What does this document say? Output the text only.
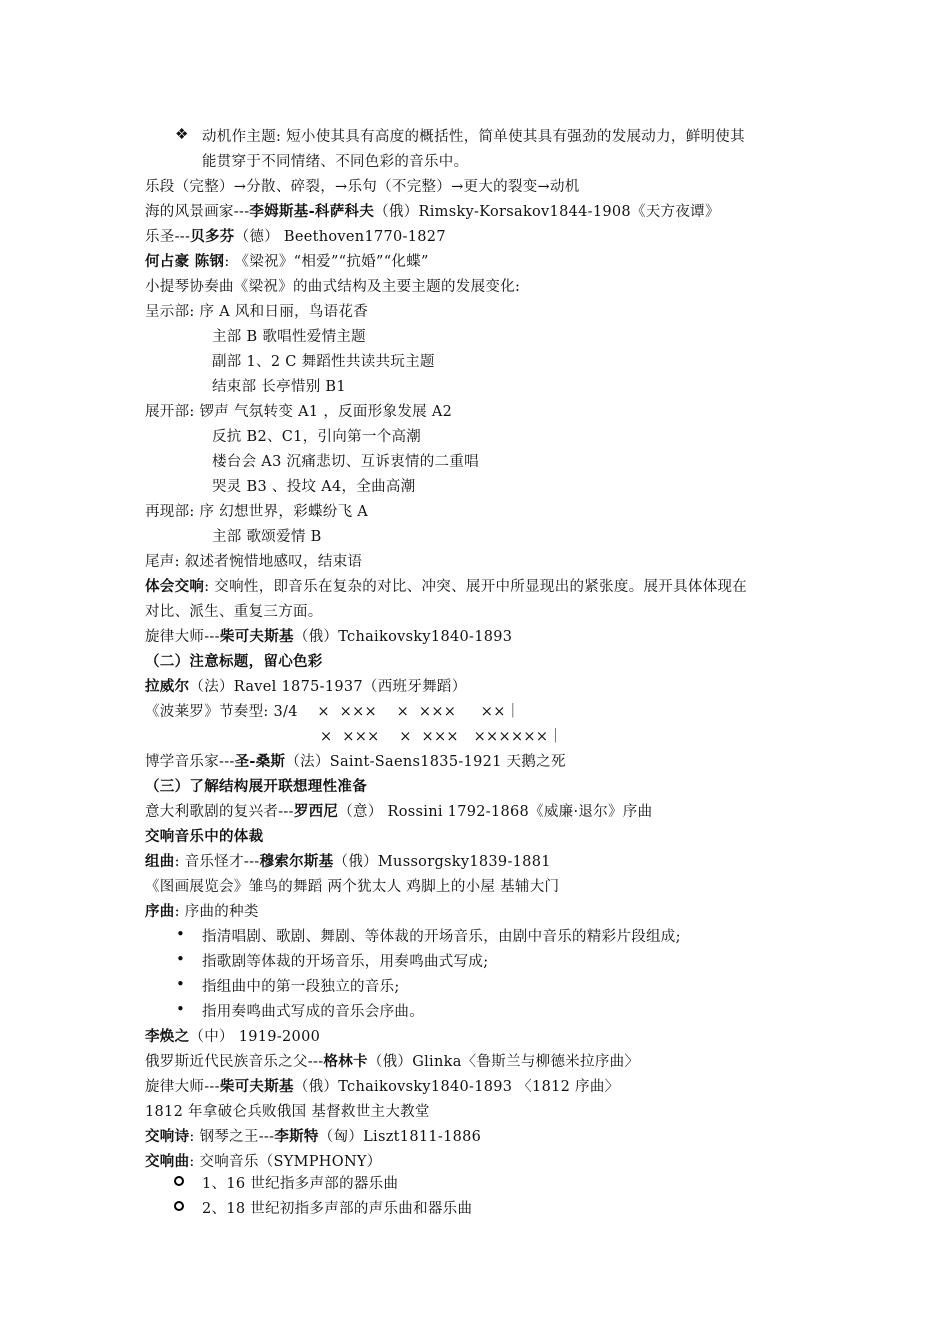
❖ 动机作主题: 短小使其具有高度的概括性，简单使其具有强劲的发展动力，鲜明使其
能贯穿于不同情绪、不同色彩的音乐中。
乐段（完整）→分散、碎裂，→乐句（不完整）→更大的裂变→动机
海的风景画家---李姆斯基-科萨科夫（俄）Rimsky-Korsakov1844-1908《天方夜谭》
乐圣---贝多芬（德） Beethoven1770-1827
何占豪 陈钢: 《梁祝》“相爱”“抗婚”“化蝶”
小提琴协奏曲《梁祝》的曲式结构及主要主题的发展变化:
呈示部: 序 A 风和日丽，鸟语花香
主部 B 歌唱性爱情主题
副部 1、2 C 舞蹈性共读共玩主题
结束部 长亭惜别 B1
展开部: 锣声 气氛转变 A1 ，反面形象发展 A2
反抗 B2、C1，引向第一个高潮
楼台会 A3 沉痛悲切、互诉衷情的二重唱
哭灵 B3 、投坟 A4，全曲高潮
再现部: 序 幻想世界，彩蝶纷飞 A
主部 歌颂爱情 B
尾声: 叙述者惋惜地感叹，结束语
体会交响: 交响性，即音乐在复杂的对比、冲突、展开中所显现出的紧张度。展开具体体现在
对比、派生、重复三方面。
旋律大师---柴可夫斯基（俄）Tchaikovsky1840-1893
（二）注意标题，留心色彩
拉威尔（法）Ravel 1875-1937（西班牙舞蹈）
《波莱罗》节奏型: 3/4    ×  ×××    ×  ×××     ××｜
×  ×××    ×  ×××   ××××××｜
博学音乐家---圣-桑斯（法）Saint-Saens1835-1921 天鹅之死
（三）了解结构展开联想理性准备
意大利歌剧的复兴者---罗西尼（意） Rossini 1792-1868《威廉·退尔》序曲
交响音乐中的体裁
组曲: 音乐怪才---穆索尔斯基（俄）Mussorgsky1839-1881
《图画展览会》雏鸟的舞蹈 两个犹太人 鸡脚上的小屋 基辅大门
序曲: 序曲的种类
• 指清唱剧、歌剧、舞剧、等体裁的开场音乐，由剧中音乐的精彩片段组成;
• 指歌剧等体裁的开场音乐，用奏鸣曲式写成;
• 指组曲中的第一段独立的音乐;
• 指用奏鸣曲式写成的音乐会序曲。
李焕之（中） 1919-2000
俄罗斯近代民族音乐之父---格林卡（俄）Glinka〈鲁斯兰与柳德米拉序曲〉
旋律大师---柴可夫斯基（俄）Tchaikovsky1840-1893 〈1812 序曲〉
1812 年拿破仑兵败俄国 基督救世主大教堂
交响诗: 钢琴之王---李斯特（匈）Liszt1811-1886
交响曲: 交响音乐（SYMPHONY）
1、16 世纪指多声部的器乐曲
2、18 世纪初指多声部的声乐曲和器乐曲
